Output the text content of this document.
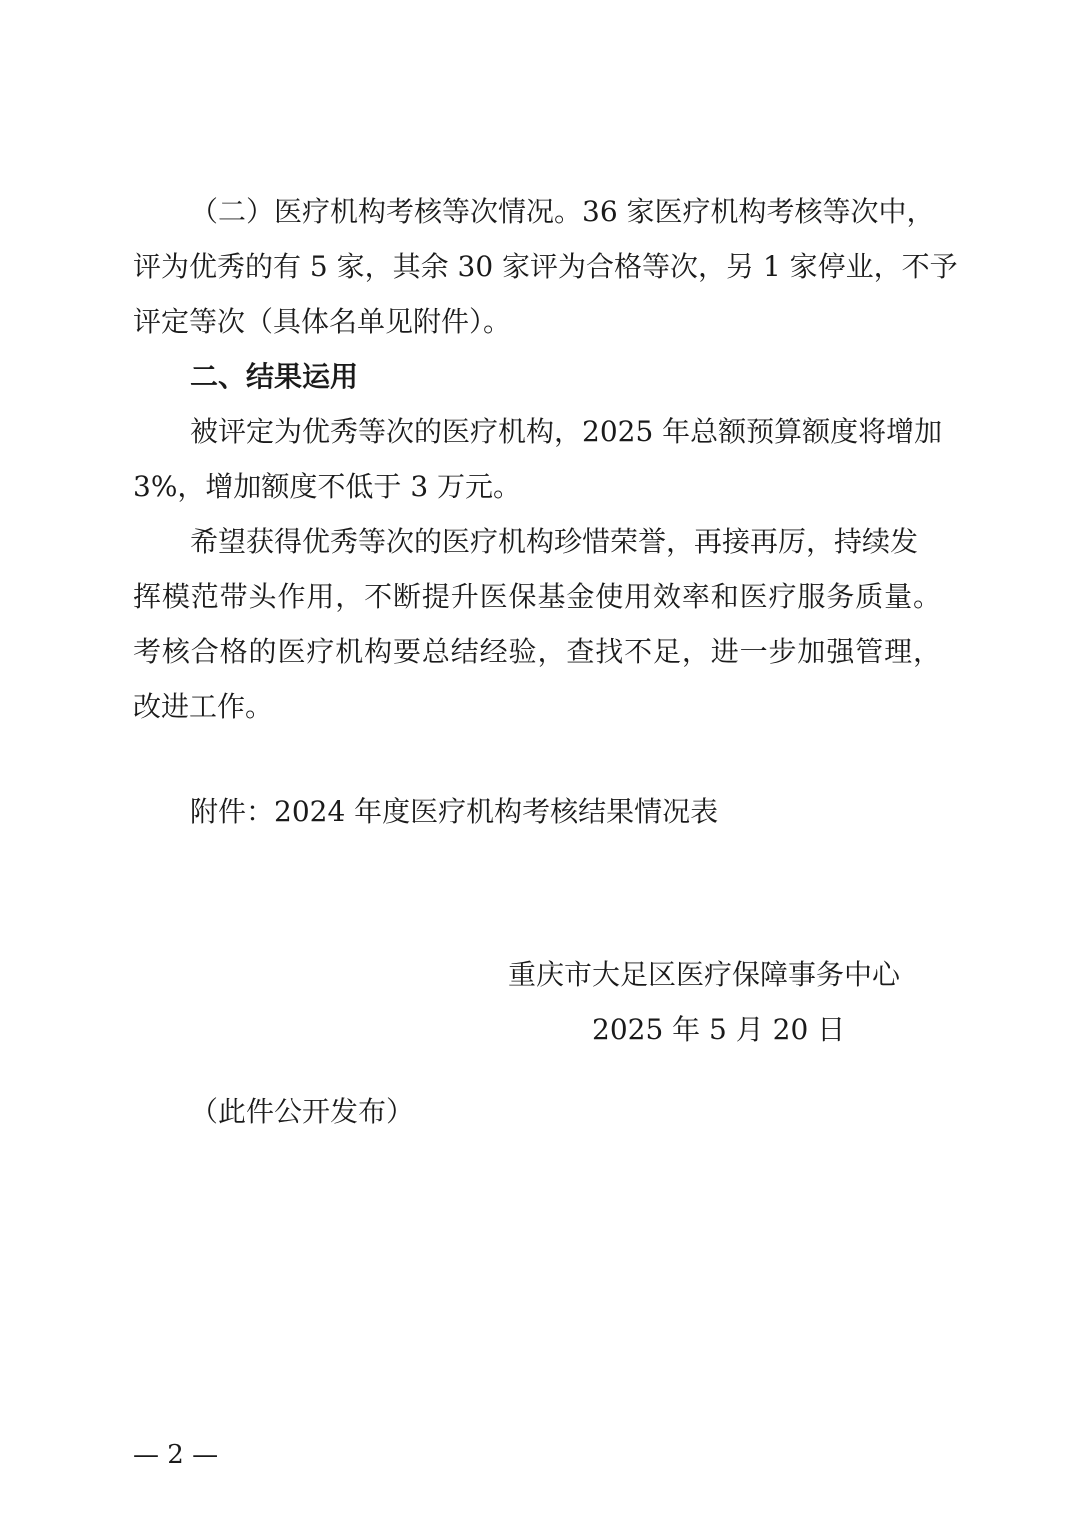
（二）医疗机构考核等次情况。36 家医疗机构考核等次中，
评为优秀的有 5 家，其余 30 家评为合格等次，另 1 家停业，不予
评定等次（具体名单见附件）。
二、结果运用
被评定为优秀等次的医疗机构，2025 年总额预算额度将增加
3%，增加额度不低于 3 万元。
希望获得优秀等次的医疗机构珍惜荣誉，再接再厉，持续发
挥模范带头作用，不断提升医保基金使用效率和医疗服务质量。
考核合格的医疗机构要总结经验，查找不足，进一步加强管理，
改进工作。
附件：2024 年度医疗机构考核结果情况表
重庆市大足区医疗保障事务中心
2025 年 5 月 20 日
（此件公开发布）
— 2 —
